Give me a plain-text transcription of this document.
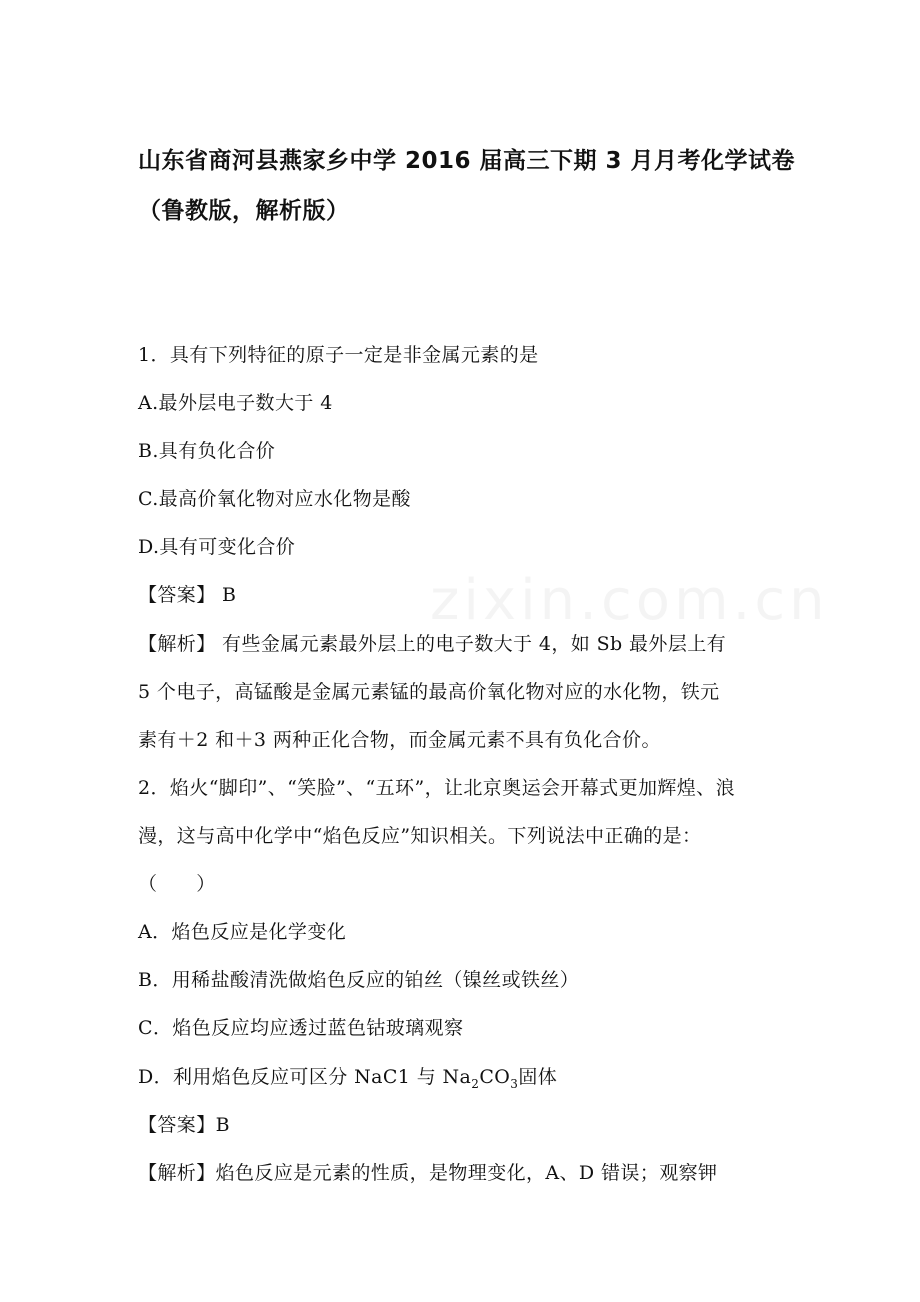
山东省商河县燕家乡中学 2016 届高三下期 3 月月考化学试卷
（鲁教版，解析版）
1．具有下列特征的原子一定是非金属元素的是
A.最外层电子数大于 4
B.具有负化合价
C.最高价氧化物对应水化物是酸
D.具有可变化合价
【答案】 B
【解析】 有些金属元素最外层上的电子数大于 4，如 Sb 最外层上有
5 个电子，高锰酸是金属元素锰的最高价氧化物对应的水化物，铁元
素有＋2 和＋3 两种正化合物，而金属元素不具有负化合价。
2．焰火“脚印”、“笑脸”、“五环”，让北京奥运会开幕式更加辉煌、浪
漫，这与高中化学中“焰色反应”知识相关。下列说法中正确的是：
（　　）
A．焰色反应是化学变化
B．用稀盐酸清洗做焰色反应的铂丝（镍丝或铁丝）
C．焰色反应均应透过蓝色钴玻璃观察
D．利用焰色反应可区分 NaC1 与 $Na_2CO_3$固体
【答案】B
【解析】焰色反应是元素的性质，是物理变化，A、D 错误；观察钾
